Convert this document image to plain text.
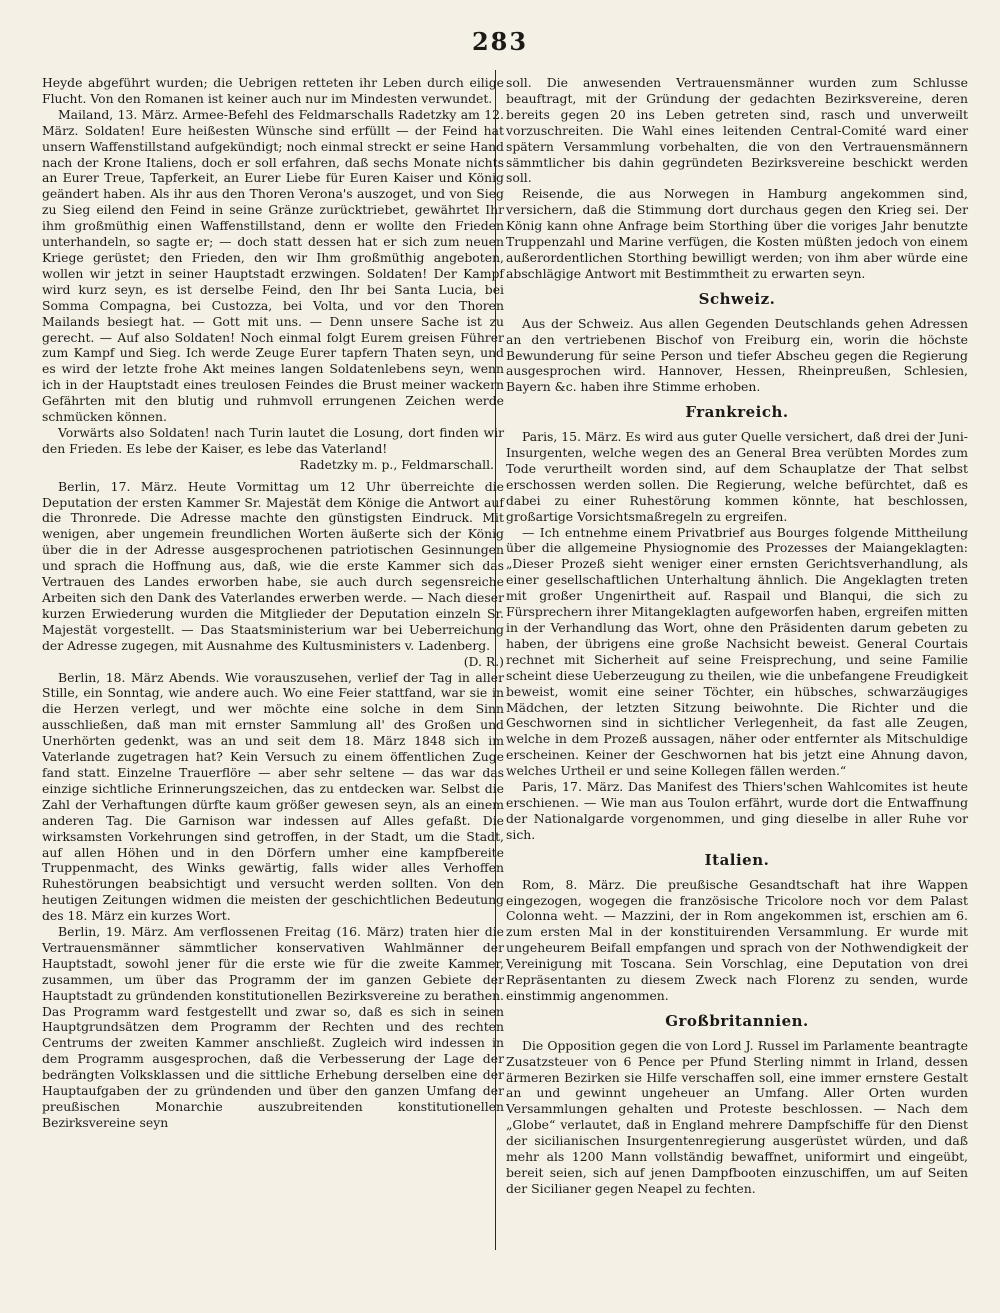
283

Heyde abgeführt wurden; die Uebrigen retteten ihr Leben durch eilige Flucht. Von den Romanen ist keiner auch nur im Mindesten verwundet.

Mailand, 13. März. Armee-Befehl des Feldmarschalls Radetzky am 12. März. Soldaten! Eure heißesten Wünsche sind erfüllt — der Feind hat unsern Waffenstillstand aufgekündigt; noch einmal streckt er seine Hand nach der Krone Italiens, doch er soll erfahren, daß sechs Monate nichts an Eurer Treue, Tapferkeit, an Eurer Liebe für Euren Kaiser und König geändert haben. Als ihr aus den Thoren Verona's auszoget, und von Sieg zu Sieg eilend den Feind in seine Gränze zurücktriebet, gewährtet Ihr ihm großmüthig einen Waffenstillstand, denn er wollte den Frieden unterhandeln, so sagte er; — doch statt dessen hat er sich zum neuen Kriege gerüstet; den Frieden, den wir Ihm großmüthig angeboten, wollen wir jetzt in seiner Hauptstadt erzwingen. Soldaten! Der Kampf wird kurz seyn, es ist derselbe Feind, den Ihr bei Santa Lucia, bei Somma Compagna, bei Custozza, bei Volta, und vor den Thoren Mailands besiegt hat. — Gott mit uns. — Denn unsere Sache ist zu gerecht. — Auf also Soldaten! Noch einmal folgt Eurem greisen Führer zum Kampf und Sieg. Ich werde Zeuge Eurer tapfern Thaten seyn, und es wird der letzte frohe Akt meines langen Soldatenlebens seyn, wenn ich in der Hauptstadt eines treulosen Feindes die Brust meiner wackern Gefährten mit den blutig und ruhmvoll errungenen Zeichen werde schmücken können.

Vorwärts also Soldaten! nach Turin lautet die Losung, dort finden wir den Frieden. Es lebe der Kaiser, es lebe das Vaterland!

Radetzky m. p., Feldmarschall.

Berlin, 17. März. Heute Vormittag um 12 Uhr überreichte die Deputation der ersten Kammer Sr. Majestät dem Könige die Antwort auf die Thronrede. Die Adresse machte den günstigsten Eindruck. Mit wenigen, aber ungemein freundlichen Worten äußerte sich der König über die in der Adresse ausgesprochenen patriotischen Gesinnungen und sprach die Hoffnung aus, daß, wie die erste Kammer sich das Vertrauen des Landes erworben habe, sie auch durch segensreiche Arbeiten sich den Dank des Vaterlandes erwerben werde. — Nach dieser kurzen Erwiederung wurden die Mitglieder der Deputation einzeln Sr. Majestät vorgestellt. — Das Staatsministerium war bei Ueberreichung der Adresse zugegen, mit Ausnahme des Kultusministers v. Ladenberg.

(D. R.)

Berlin, 18. März Abends. Wie vorauszusehen, verlief der Tag in aller Stille, ein Sonntag, wie andere auch. Wo eine Feier stattfand, war sie in die Herzen verlegt, und wer möchte eine solche in dem Sinn ausschließen, daß man mit ernster Sammlung all' des Großen und Unerhörten gedenkt, was an und seit dem 18. März 1848 sich im Vaterlande zugetragen hat? Kein Versuch zu einem öffentlichen Zuge fand statt. Einzelne Trauerflöre — aber sehr seltene — das war das einzige sichtliche Erinnerungszeichen, das zu entdecken war. Selbst die Zahl der Verhaftungen dürfte kaum größer gewesen seyn, als an einem anderen Tag. Die Garnison war indessen auf Alles gefaßt. Die wirksamsten Vorkehrungen sind getroffen, in der Stadt, um die Stadt, auf allen Höhen und in den Dörfern umher eine kampfbereite Truppenmacht, des Winks gewärtig, falls wider alles Verhoffen Ruhestörungen beabsichtigt und versucht werden sollten. Von den heutigen Zeitungen widmen die meisten der geschichtlichen Bedeutung des 18. März ein kurzes Wort.

Berlin, 19. März. Am verflossenen Freitag (16. März) traten hier die Vertrauensmänner sämmtlicher konservativen Wahlmänner der Hauptstadt, sowohl jener für die erste wie für die zweite Kammer, zusammen, um über das Programm der im ganzen Gebiete der Hauptstadt zu gründenden konstitutionellen Bezirksvereine zu berathen. Das Programm ward festgestellt und zwar so, daß es sich in seinen Hauptgrundsätzen dem Programm der Rechten und des rechten Centrums der zweiten Kammer anschließt. Zugleich wird indessen in dem Programm ausgesprochen, daß die Verbesserung der Lage der bedrängten Volksklassen und die sittliche Erhebung derselben eine der Hauptaufgaben der zu gründenden und über den ganzen Umfang der preußischen Monarchie auszubreitenden konstitutionellen Bezirksvereine seyn

soll. Die anwesenden Vertrauensmänner wurden zum Schlusse beauftragt, mit der Gründung der gedachten Bezirksvereine, deren bereits gegen 20 ins Leben getreten sind, rasch und unverweilt vorzuschreiten. Die Wahl eines leitenden Central-Comité ward einer spätern Versammlung vorbehalten, die von den Vertrauensmännern sämmtlicher bis dahin gegründeten Bezirksvereine beschickt werden soll.

Reisende, die aus Norwegen in Hamburg angekommen sind, versichern, daß die Stimmung dort durchaus gegen den Krieg sei. Der König kann ohne Anfrage beim Storthing über die voriges Jahr benutzte Truppenzahl und Marine verfügen, die Kosten müßten jedoch von einem außerordentlichen Storthing bewilligt werden; von ihm aber würde eine abschlägige Antwort mit Bestimmtheit zu erwarten seyn.

Schweiz.

Aus der Schweiz. Aus allen Gegenden Deutschlands gehen Adressen an den vertriebenen Bischof von Freiburg ein, worin die höchste Bewunderung für seine Person und tiefer Abscheu gegen die Regierung ausgesprochen wird. Hannover, Hessen, Rheinpreußen, Schlesien, Bayern &c. haben ihre Stimme erhoben.

Frankreich.

Paris, 15. März. Es wird aus guter Quelle versichert, daß drei der Juni-Insurgenten, welche wegen des an General Brea verübten Mordes zum Tode verurtheilt worden sind, auf dem Schauplatze der That selbst erschossen werden sollen. Die Regierung, welche befürchtet, daß es dabei zu einer Ruhestörung kommen könnte, hat beschlossen, großartige Vorsichtsmaßregeln zu ergreifen.

— Ich entnehme einem Privatbrief aus Bourges folgende Mittheilung über die allgemeine Physiognomie des Prozesses der Maiangeklagten: „Dieser Prozeß sieht weniger einer ernsten Gerichtsverhandlung, als einer gesellschaftlichen Unterhaltung ähnlich. Die Angeklagten treten mit großer Ungenirtheit auf. Raspail und Blanqui, die sich zu Fürsprechern ihrer Mitangeklagten aufgeworfen haben, ergreifen mitten in der Verhandlung das Wort, ohne den Präsidenten darum gebeten zu haben, der übrigens eine große Nachsicht beweist. General Courtais rechnet mit Sicherheit auf seine Freisprechung, und seine Familie scheint diese Ueberzeugung zu theilen, wie die unbefangene Freudigkeit beweist, womit eine seiner Töchter, ein hübsches, schwarzäugiges Mädchen, der letzten Sitzung beiwohnte. Die Richter und die Geschwornen sind in sichtlicher Verlegenheit, da fast alle Zeugen, welche in dem Prozeß aussagen, näher oder entfernter als Mitschuldige erscheinen. Keiner der Geschwornen hat bis jetzt eine Ahnung davon, welches Urtheil er und seine Kollegen fällen werden.“

Paris, 17. März. Das Manifest des Thiers'schen Wahlcomites ist heute erschienen. — Wie man aus Toulon erfährt, wurde dort die Entwaffnung der Nationalgarde vorgenommen, und ging dieselbe in aller Ruhe vor sich.

Italien.

Rom, 8. März. Die preußische Gesandtschaft hat ihre Wappen eingezogen, wogegen die französische Tricolore noch vor dem Palast Colonna weht. — Mazzini, der in Rom angekommen ist, erschien am 6. zum ersten Mal in der konstituirenden Versammlung. Er wurde mit ungeheurem Beifall empfangen und sprach von der Nothwendigkeit der Vereinigung mit Toscana. Sein Vorschlag, eine Deputation von drei Repräsentanten zu diesem Zweck nach Florenz zu senden, wurde einstimmig angenommen.

Großbritannien.

Die Opposition gegen die von Lord J. Russel im Parlamente beantragte Zusatzsteuer von 6 Pence per Pfund Sterling nimmt in Irland, dessen ärmeren Bezirken sie Hilfe verschaffen soll, eine immer ernstere Gestalt an und gewinnt ungeheuer an Umfang. Aller Orten wurden Versammlungen gehalten und Proteste beschlossen. — Nach dem „Globe“ verlautet, daß in England mehrere Dampfschiffe für den Dienst der sicilianischen Insurgentenregierung ausgerüstet würden, und daß mehr als 1200 Mann vollständig bewaffnet, uniformirt und eingeübt, bereit seien, sich auf jenen Dampfbooten einzuschiffen, um auf Seiten der Sicilianer gegen Neapel zu fechten.
